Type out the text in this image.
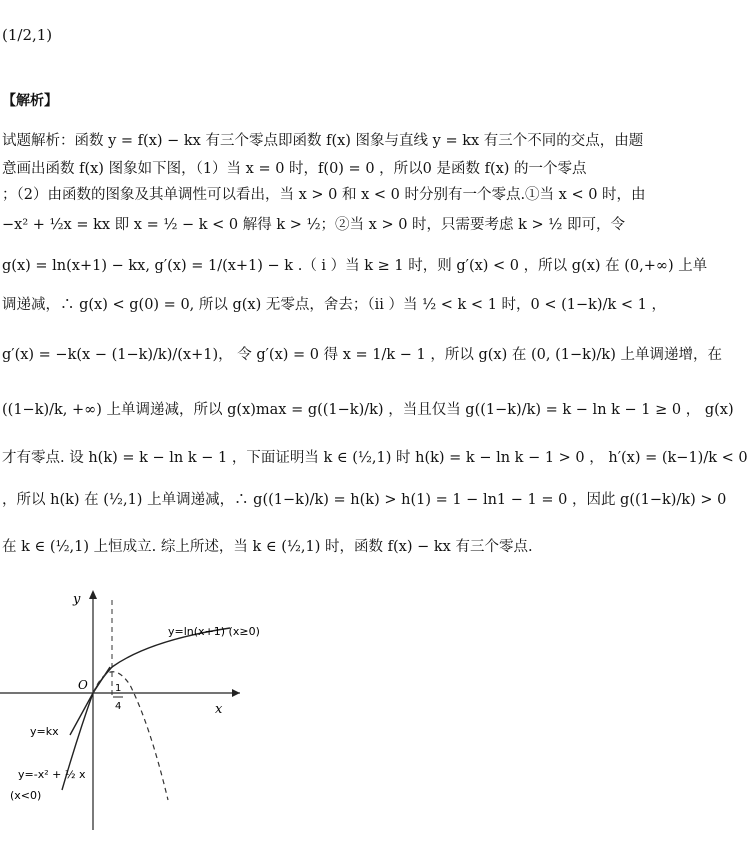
(1/2,1)
【解析】
试题解析：函数 y = f(x) − kx 有三个零点即函数 f(x) 图象与直线 y = kx 有三个不同的交点，由题
意画出函数 f(x) 图象如下图，（1）当 x = 0 时，f(0) = 0 ，所以0 是函数 f(x) 的一个零点
；（2）由函数的图象及其单调性可以看出，当 x > 0 和 x < 0 时分别有一个零点.①当 x < 0 时，由
−x² + ½x = kx 即 x = ½ − k < 0 解得 k > ½；②当 x > 0 时，只需要考虑 k > ½ 即可，令
g(x) = ln(x+1) − kx, g′(x) = 1/(x+1) − k .（ i ）当 k ≥ 1 时，则 g′(x) < 0 ，所以 g(x) 在 (0,+∞) 上单
调递减，∴ g(x) < g(0) = 0, 所以 g(x) 无零点，舍去；（ii ）当 ½ < k < 1 时，0 < (1−k)/k < 1 ，
g′(x) = −k(x − (1−k)/k)/(x+1)， 令 g′(x) = 0 得 x = 1/k − 1 ，所以 g(x) 在 (0, (1−k)/k) 上单调递增，在
((1−k)/k, +∞) 上单调递减，所以 g(x)max = g((1−k)/k) ，当且仅当 g((1−k)/k) = k − ln k − 1 ≥ 0 ， g(x)
才有零点. 设 h(k) = k − ln k − 1 ，下面证明当 k ∈ (½,1) 时 h(k) = k − ln k − 1 > 0 ， h′(x) = (k−1)/k < 0
，所以 h(k) 在 (½,1) 上单调递减，∴ g((1−k)/k) = h(k) > h(1) = 1 − ln1 − 1 = 0 ，因此 g((1−k)/k) > 0
在 k ∈ (½,1) 上恒成立. 综上所述，当 k ∈ (½,1) 时，函数 f(x) − kx 有三个零点.
y
x
O
y=ln(x+1) (x≥0)
y=kx
y=-x² + ½ x
(x<0)
1
4
